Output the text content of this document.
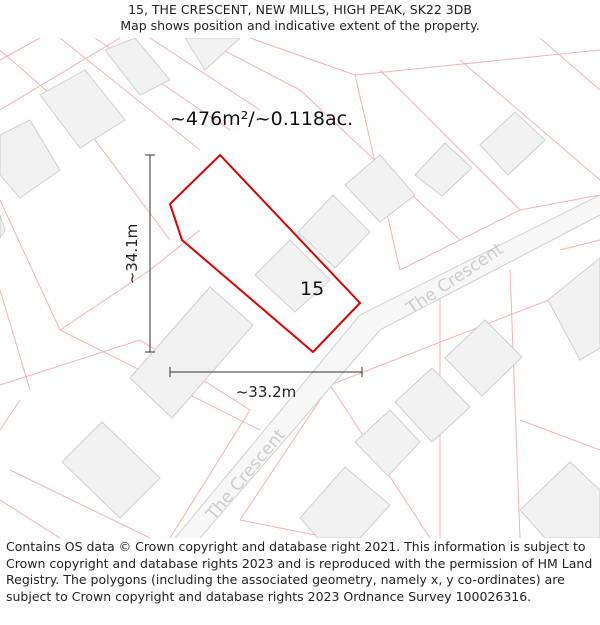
15, THE CRESCENT, NEW MILLS, HIGH PEAK, SK22 3DB
Map shows position and indicative extent of the property.
The Crescent
The Crescent
~476m²/~0.118ac.
15
~34.1m
~33.2m
Contains OS data © Crown copyright and database right 2021. This information is subject to Crown copyright and database rights 2023 and is reproduced with the permission of HM Land Registry. The polygons (including the associated geometry, namely x, y co-ordinates) are subject to Crown copyright and database rights 2023 Ordnance Survey 100026316.
